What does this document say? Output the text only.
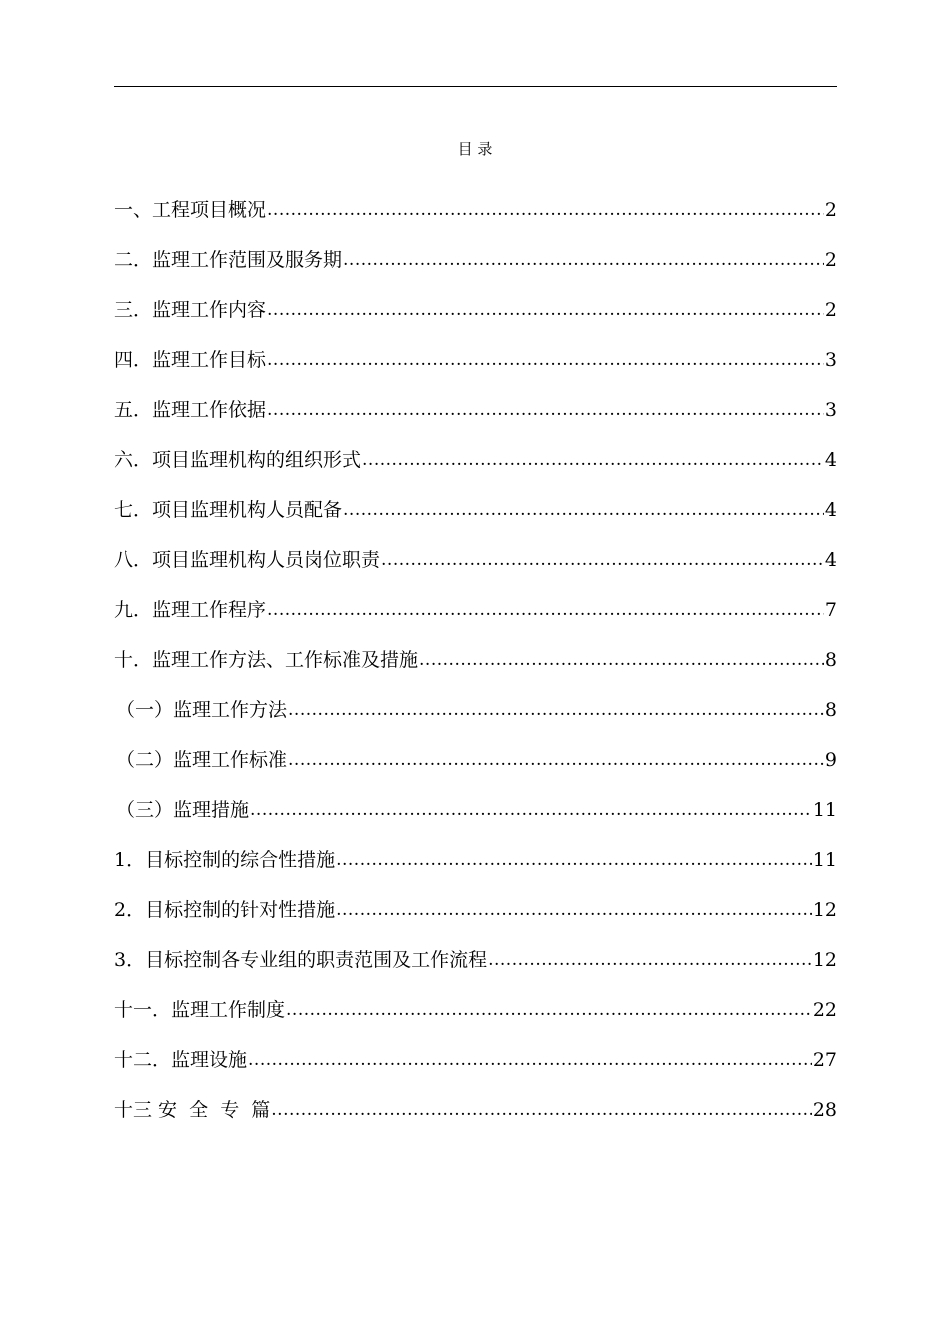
目 录
一、工程项目概况 .....	2
二．监理工作范围及服务期 .....	2
三．监理工作内容 .....	2
四．监理工作目标 .....	3
五．监理工作依据 .....	3
六．项目监理机构的组织形式 .....	4
七．项目监理机构人员配备 .....	4
八．项目监理机构人员岗位职责 .....	4
九．监理工作程序 .....	7
十．监理工作方法、工作标准及措施 .....	8
（一）监理工作方法 .....	8
（二）监理工作标准 .....	9
（三）监理措施 .....	11
1．目标控制的综合性措施 .....	11
2．目标控制的针对性措施 .....	12
3．目标控制各专业组的职责范围及工作流程 .....	12
十一．监理工作制度 .....	22
十二．监理设施 .....	27
十三 安  全  专  篇 .....	28
